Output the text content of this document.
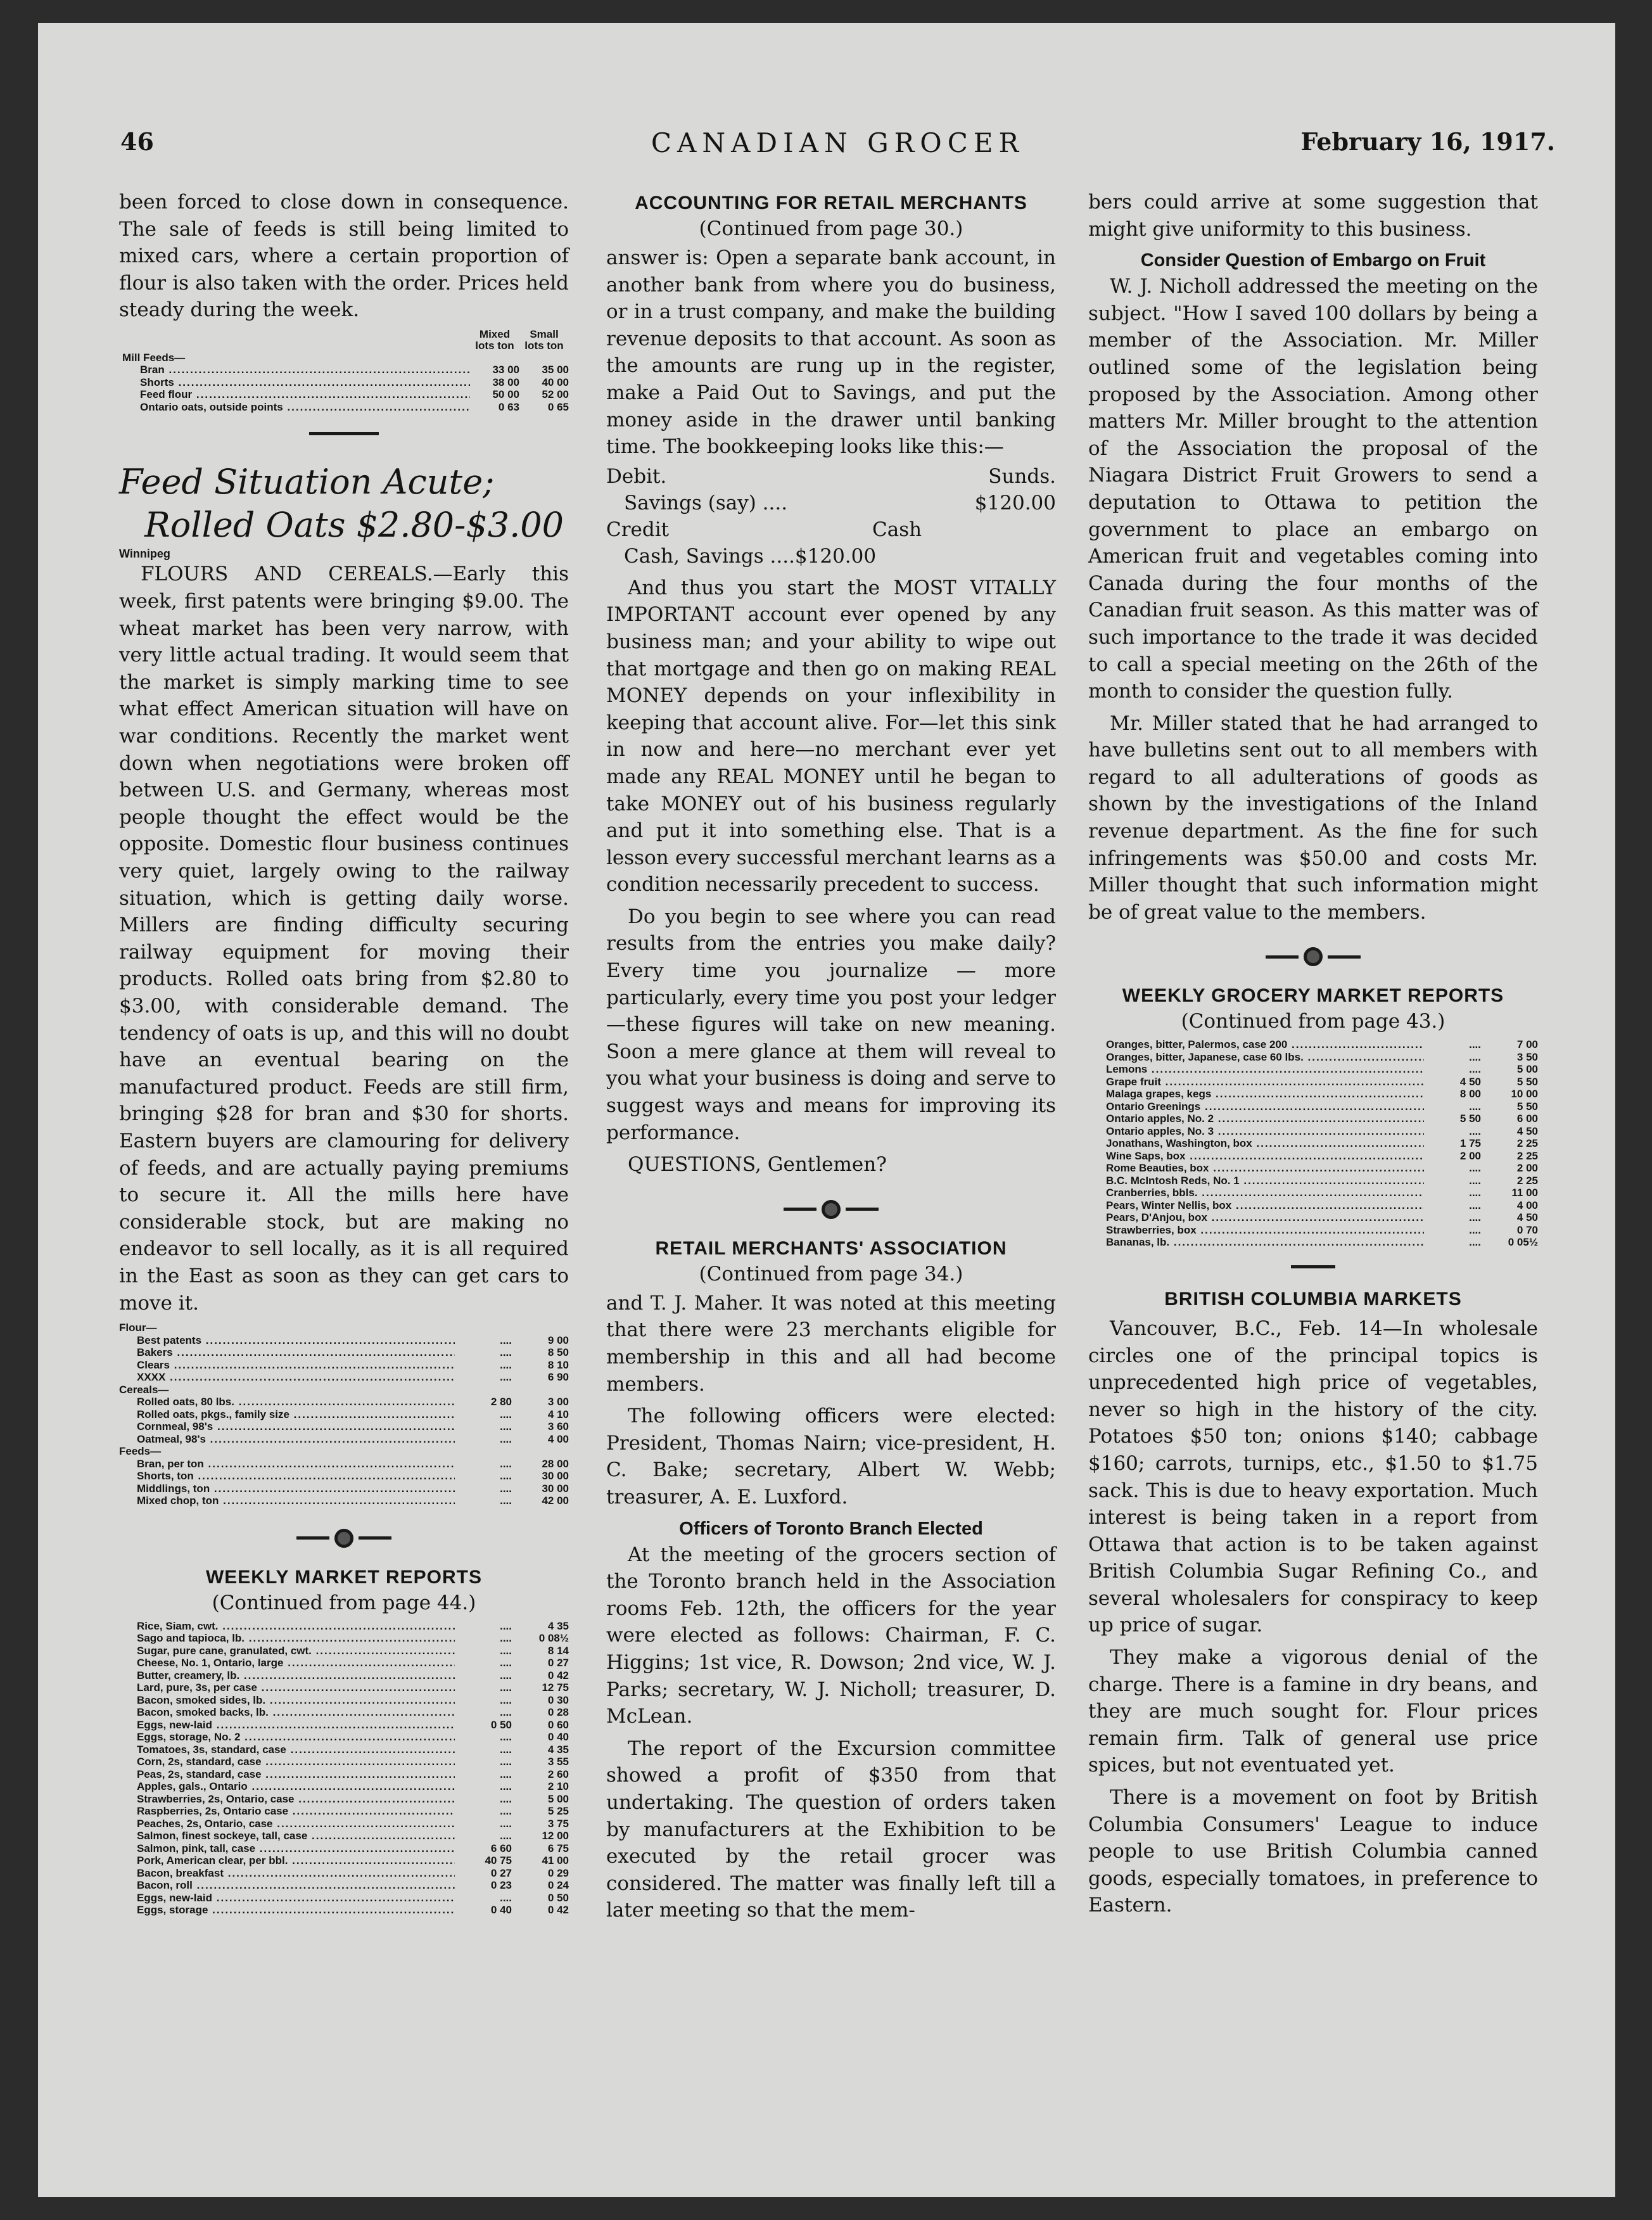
46	CANADIAN GROCER	February 16, 1917.

been forced to close down in consequence. The sale of feeds is still being limited to mixed cars, where a certain proportion of flour is also taken with the order. Prices held steady during the week.

Mixed lots ton
Small lots ton
Mill Feeds—
Bran .....	33 00	35 00
Shorts .....	38 00	40 00
Feed flour .....	50 00	52 00
Ontario oats, outside points .....	0 63	0 65
Feed Situation Acute;
Rolled Oats $2.80-$3.00
Winnipeg

FLOURS AND CEREALS.—Early this week, first patents were bringing $9.00. The wheat market has been very narrow, with very little actual trading. It would seem that the market is simply marking time to see what effect American situation will have on war conditions. Recently the market went down when negotiations were broken off between U.S. and Germany, whereas most people thought the effect would be the opposite. Domestic flour business continues very quiet, largely owing to the railway situation, which is getting daily worse. Millers are finding difficulty securing railway equipment for moving their products. Rolled oats bring from $2.80 to $3.00, with considerable demand. The tendency of oats is up, and this will no doubt have an eventual bearing on the manufactured product. Feeds are still firm, bringing $28 for bran and $30 for shorts. Eastern buyers are clamouring for delivery of feeds, and are actually paying premiums to secure it. All the mills here have considerable stock, but are making no endeavor to sell locally, as it is all required in the East as soon as they can get cars to move it.

Flour—
Best patents .....	....	9 00
Bakers .....	....	8 50
Clears .....	....	8 10
XXXX .....	....	6 90
Cereals—
Rolled oats, 80 lbs. .....	2 80	3 00
Rolled oats, pkgs., family size .....	....	4 10
Cornmeal, 98's .....	....	3 60
Oatmeal, 98's .....	....	4 00
Feeds—
Bran, per ton .....	....	28 00
Shorts, ton .....	....	30 00
Middlings, ton .....	....	30 00
Mixed chop, ton .....	....	42 00
WEEKLY MARKET REPORTS
(Continued from page 44.)
Rice, Siam, cwt. .....	....	4 35
Sago and tapioca, lb. .....	....	0 08½
Sugar, pure cane, granulated, cwt. .....	....	8 14
Cheese, No. 1, Ontario, large .....	....	0 27
Butter, creamery, lb. .....	....	0 42
Lard, pure, 3s, per case .....	....	12 75
Bacon, smoked sides, lb. .....	....	0 30
Bacon, smoked backs, lb. .....	....	0 28
Eggs, new-laid .....	0 50	0 60
Eggs, storage, No. 2 .....	....	0 40
Tomatoes, 3s, standard, case .....	....	4 35
Corn, 2s, standard, case .....	....	3 55
Peas, 2s, standard, case .....	....	2 60
Apples, gals., Ontario .....	....	2 10
Strawberries, 2s, Ontario, case .....	....	5 00
Raspberries, 2s, Ontario case .....	....	5 25
Peaches, 2s, Ontario, case .....	....	3 75
Salmon, finest sockeye, tall, case .....	....	12 00
Salmon, pink, tall, case .....	6 60	6 75
Pork, American clear, per bbl. .....	40 75	41 00
Bacon, breakfast .....	0 27	0 29
Bacon, roll .....	0 23	0 24
Eggs, new-laid .....	....	0 50
Eggs, storage .....	0 40	0 42
ACCOUNTING FOR RETAIL MERCHANTS
(Continued from page 30.)

answer is: Open a separate bank account, in another bank from where you do business, or in a trust company, and make the building revenue deposits to that account. As soon as the amounts are rung up in the register, make a Paid Out to Savings, and put the money aside in the drawer until banking time. The bookkeeping looks like this:—

Debit.	Sunds.
Savings (say) ....	$120.00
Credit	Cash
Cash, Savings ....$120.00

And thus you start the MOST VITALLY IMPORTANT account ever opened by any business man; and your ability to wipe out that mortgage and then go on making REAL MONEY depends on your inflexibility in keeping that account alive. For—let this sink in now and here—no merchant ever yet made any REAL MONEY until he began to take MONEY out of his business regularly and put it into something else. That is a lesson every successful merchant learns as a condition necessarily precedent to success.

Do you begin to see where you can read results from the entries you make daily? Every time you journalize — more particularly, every time you post your ledger—these figures will take on new meaning. Soon a mere glance at them will reveal to you what your business is doing and serve to suggest ways and means for improving its performance.

QUESTIONS, Gentlemen?

RETAIL MERCHANTS' ASSOCIATION
(Continued from page 34.)

and T. J. Maher. It was noted at this meeting that there were 23 merchants eligible for membership in this and all had become members.

The following officers were elected: President, Thomas Nairn; vice-president, H. C. Bake; secretary, Albert W. Webb; treasurer, A. E. Luxford.

Officers of Toronto Branch Elected

At the meeting of the grocers section of the Toronto branch held in the Association rooms Feb. 12th, the officers for the year were elected as follows: Chairman, F. C. Higgins; 1st vice, R. Dowson; 2nd vice, W. J. Parks; secretary, W. J. Nicholl; treasurer, D. McLean.

The report of the Excursion committee showed a profit of $350 from that undertaking. The question of orders taken by manufacturers at the Exhibition to be executed by the retail grocer was considered. The matter was finally left till a later meeting so that the mem-

bers could arrive at some suggestion that might give uniformity to this business.

Consider Question of Embargo on Fruit

W. J. Nicholl addressed the meeting on the subject. "How I saved 100 dollars by being a member of the Association. Mr. Miller outlined some of the legislation being proposed by the Association. Among other matters Mr. Miller brought to the attention of the Association the proposal of the Niagara District Fruit Growers to send a deputation to Ottawa to petition the government to place an embargo on American fruit and vegetables coming into Canada during the four months of the Canadian fruit season. As this matter was of such importance to the trade it was decided to call a special meeting on the 26th of the month to consider the question fully.

Mr. Miller stated that he had arranged to have bulletins sent out to all members with regard to all adulterations of goods as shown by the investigations of the Inland revenue department. As the fine for such infringements was $50.00 and costs Mr. Miller thought that such information might be of great value to the members.

WEEKLY GROCERY MARKET REPORTS
(Continued from page 43.)
Oranges, bitter, Palermos, case 200 .....	....	7 00
Oranges, bitter, Japanese, case 60 lbs. .....	....	3 50
Lemons .....	....	5 00
Grape fruit .....	4 50	5 50
Malaga grapes, kegs .....	8 00	10 00
Ontario Greenings .....	....	5 50
Ontario apples, No. 2 .....	5 50	6 00
Ontario apples, No. 3 .....	....	4 50
Jonathans, Washington, box .....	1 75	2 25
Wine Saps, box .....	2 00	2 25
Rome Beauties, box .....	....	2 00
B.C. McIntosh Reds, No. 1 .....	....	2 25
Cranberries, bbls. .....	....	11 00
Pears, Winter Nellis, box .....	....	4 00
Pears, D'Anjou, box .....	....	4 50
Strawberries, box .....	....	0 70
Bananas, lb. .....	....	0 05½
BRITISH COLUMBIA MARKETS

Vancouver, B.C., Feb. 14—In wholesale circles one of the principal topics is unprecedented high price of vegetables, never so high in the history of the city. Potatoes $50 ton; onions $140; cabbage $160; carrots, turnips, etc., $1.50 to $1.75 sack. This is due to heavy exportation. Much interest is being taken in a report from Ottawa that action is to be taken against British Columbia Sugar Refining Co., and several wholesalers for conspiracy to keep up price of sugar.

They make a vigorous denial of the charge. There is a famine in dry beans, and they are much sought for. Flour prices remain firm. Talk of general use price spices, but not eventuated yet.

There is a movement on foot by British Columbia Consumers' League to induce people to use British Columbia canned goods, especially tomatoes, in preference to Eastern.
